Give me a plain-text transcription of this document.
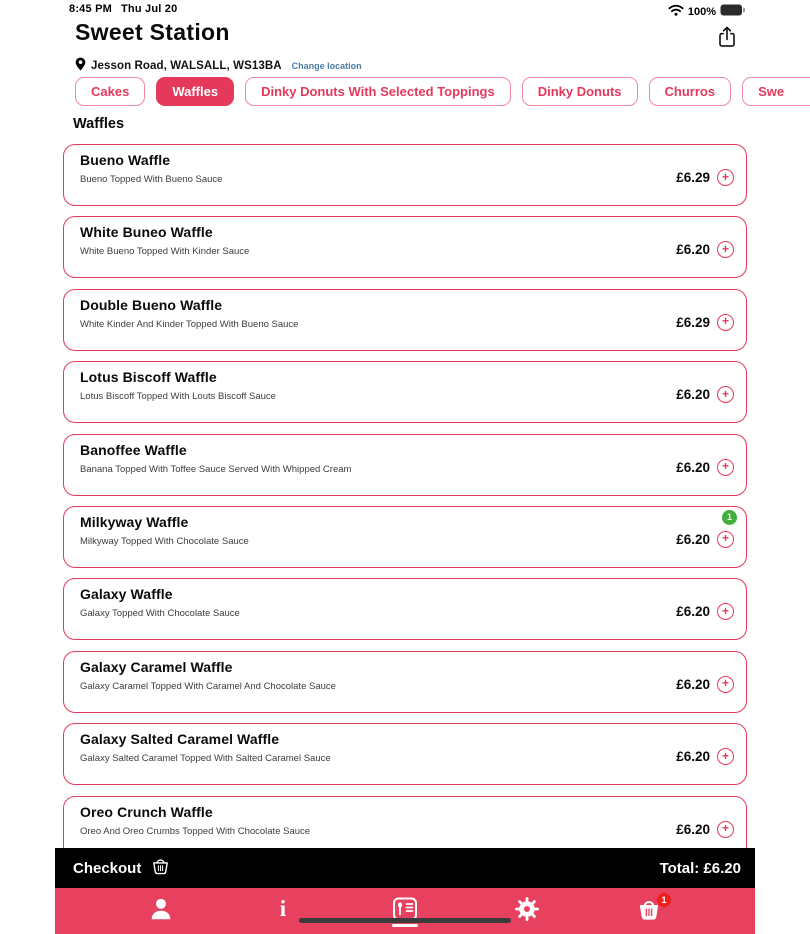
8:45 PM Thu Jul 20	100%
Sweet Station
Jesson Road, WALSALL, WS13BA Change location
Cakes	Waffles	Dinky Donuts With Selected Toppings	Dinky Donuts	Churros	Swe
Waffles
Bueno Waffle
Bueno Topped With Bueno Sauce	£6.29
+
White Buneo Waffle
White Bueno Topped With Kinder Sauce	£6.20
+
Double Bueno Waffle
White Kinder And Kinder Topped With Bueno Sauce	£6.29
+
Lotus Biscoff Waffle
Lotus Biscoff Topped With Louts Biscoff Sauce	£6.20
+
Banoffee Waffle
Banana Topped With Toffee Sauce Served With Whipped Cream	£6.20
+
1
Milkyway Waffle
Milkyway Topped With Chocolate Sauce	£6.20
+
Galaxy Waffle
Galaxy Topped With Chocolate Sauce	£6.20
+
Galaxy Caramel Waffle
Galaxy Caramel Topped With Caramel And Chocolate Sauce	£6.20
+
Galaxy Salted Caramel Waffle
Galaxy Salted Caramel Topped With Salted Caramel Sauce	£6.20
+
Oreo Crunch Waffle
Oreo And Oreo Crumbs Topped With Chocolate Sauce	£6.20
+
Checkout	Total: £6.20
i	1
